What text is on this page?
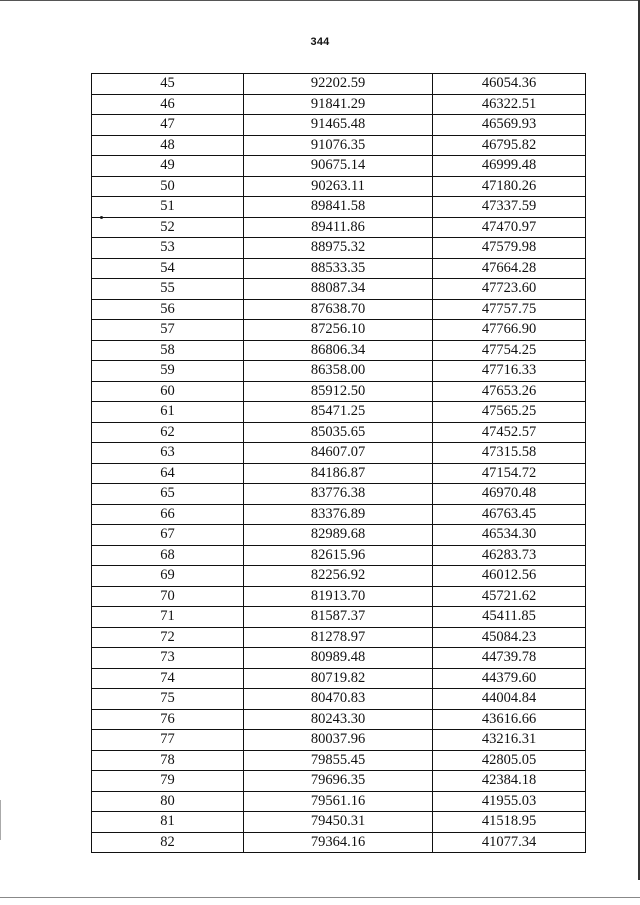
344
45	92202.59	46054.36
46	91841.29	46322.51
47	91465.48	46569.93
48	91076.35	46795.82
49	90675.14	46999.48
50	90263.11	47180.26
51	89841.58	47337.59
52	89411.86	47470.97
53	88975.32	47579.98
54	88533.35	47664.28
55	88087.34	47723.60
56	87638.70	47757.75
57	87256.10	47766.90
58	86806.34	47754.25
59	86358.00	47716.33
60	85912.50	47653.26
61	85471.25	47565.25
62	85035.65	47452.57
63	84607.07	47315.58
64	84186.87	47154.72
65	83776.38	46970.48
66	83376.89	46763.45
67	82989.68	46534.30
68	82615.96	46283.73
69	82256.92	46012.56
70	81913.70	45721.62
71	81587.37	45411.85
72	81278.97	45084.23
73	80989.48	44739.78
74	80719.82	44379.60
75	80470.83	44004.84
76	80243.30	43616.66
77	80037.96	43216.31
78	79855.45	42805.05
79	79696.35	42384.18
80	79561.16	41955.03
81	79450.31	41518.95
82	79364.16	41077.34
